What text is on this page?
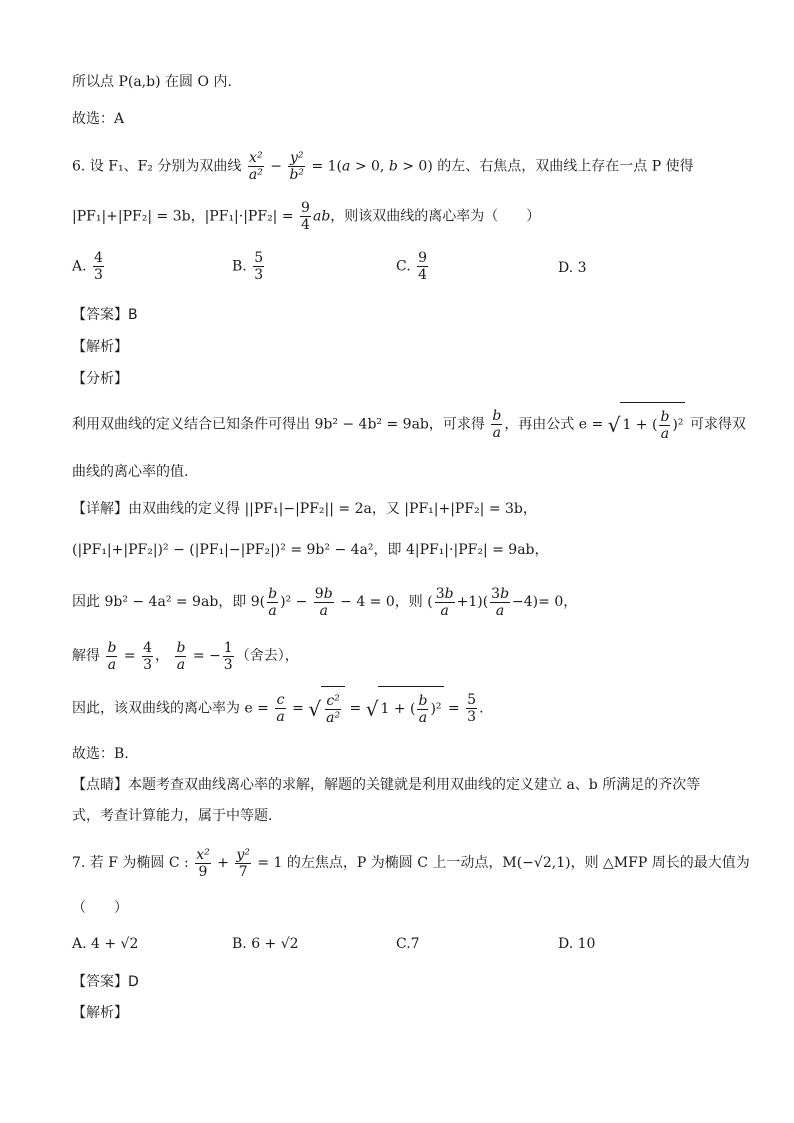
所以点 P(a,b) 在圆 O 内.
故选：A
6. 设 F₁、F₂ 分别为双曲线 $\frac{\text{x²}}{\text{a²}} - \frac{\text{y²}}{\text{b²}} = 1(a > 0$, b > 0) 的左、右焦点，双曲线上存在一点 P 使得
|PF₁|+|PF₂| = 3b，$|PF_1|\cdot|PF_2| = \frac{9}{4}$ ab，则该双曲线的离心率为（　　）
A. $\frac{4}{3}$	B. $\frac{5}{3}$	C. $\frac{9}{4}$	D. 3
【答案】B
【解析】
【分析】
利用双曲线的定义结合已知条件可得出 9b² − 4b² = 9ab，可求得 $\frac{b}{a}$ ，再由公式 e = √ 1 + ( $\frac{b}{a} )^2$ 可求得双
曲线的离心率的值.
【详解】由双曲线的定义得 ||PF₁|−|PF₂|| = 2a，又 |PF₁|+|PF₂| = 3b，
(|PF₁|+|PF₂|)² − (|PF₁|−|PF₂|)² = 9b² − 4a²，即 4|PF₁|·|PF₂| = 9ab，
因此 9b² − 4a² = 9ab，即 $9( \frac{b}{a} )^2 - \frac{9b}{a} - 4 = 0$，则 ( $\frac{3b}{a} +1)( \frac{3b}{a} -4)= 0$，
解得 $\frac{b}{a} = \frac{4}{3}$ ， $\frac{b}{a}$ = − $\frac{1}{3}$ （舍去），
因此，该双曲线的离心率为 $e = \frac{c}{a}$ = √ $\frac{\text{c²}}{\text{a²}}$ = √ 1 + ( $\frac{b}{a} )^2 = \frac{5}{3}$ .
故选：B.
【点睛】本题考查双曲线离心率的求解，解题的关键就是利用双曲线的定义建立 a、b 所满足的齐次等
式，考查计算能力，属于中等题.
7. 若 F 为椭圆 C : $\frac{\text{x²}}{9} + \frac{\text{y²}}{7} = 1$ 的左焦点，P 为椭圆 C 上一动点，M(−√2,1)，则 △MFP 周长的最大值为
（　　）
A. 4 + √2	B. 6 + √2	C.7	D. 10
【答案】D
【解析】
